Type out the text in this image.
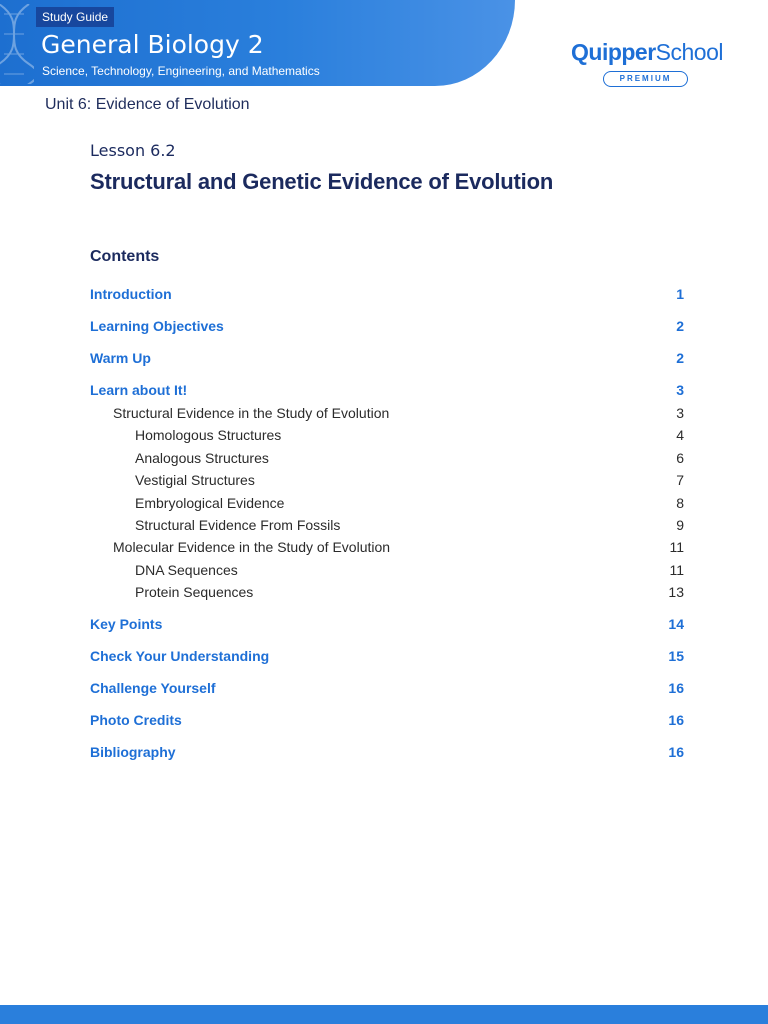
Study Guide
General Biology 2
Science, Technology, Engineering, and Mathematics
QuipperSchool
PREMIUM
Unit 6: Evidence of Evolution
Lesson 6.2
Structural and Genetic Evidence of Evolution
Contents
Introduction	1
Learning Objectives	2
Warm Up	2
Learn about It!	3
Structural Evidence in the Study of Evolution	3
Homologous Structures	4
Analogous Structures	6
Vestigial Structures	7
Embryological Evidence	8
Structural Evidence From Fossils	9
Molecular Evidence in the Study of Evolution	11
DNA Sequences	11
Protein Sequences	13
Key Points	14
Check Your Understanding	15
Challenge Yourself	16
Photo Credits	16
Bibliography	16
